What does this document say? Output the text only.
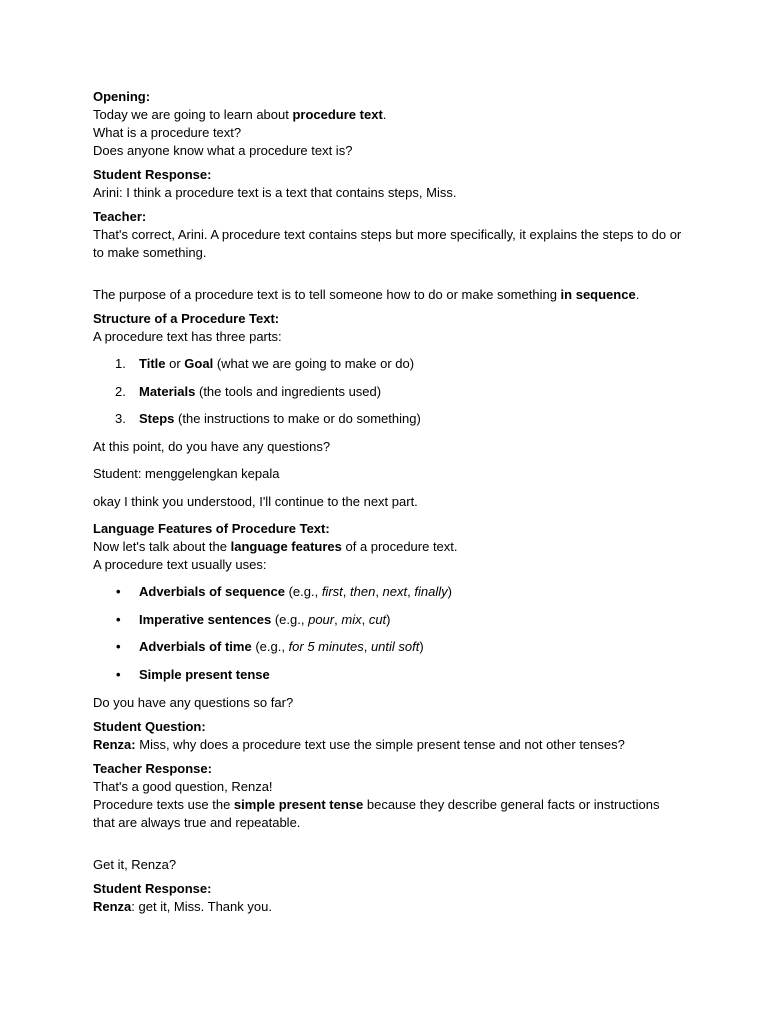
Opening:
Today we are going to learn about procedure text.
What is a procedure text?
Does anyone know what a procedure text is?
Student Response:
Arini: I think a procedure text is a text that contains steps, Miss.
Teacher:
That's correct, Arini. A procedure text contains steps but more specifically, it explains the steps to do or to make something.
The purpose of a procedure text is to tell someone how to do or make something in sequence.
Structure of a Procedure Text:
A procedure text has three parts:
1. Title or Goal (what we are going to make or do)
2. Materials (the tools and ingredients used)
3. Steps (the instructions to make or do something)
At this point, do you have any questions?
Student: menggelengkan kepala
okay I think you understood, I'll continue to the next part.
Language Features of Procedure Text:
Now let's talk about the language features of a procedure text.
A procedure text usually uses:
• Adverbials of sequence (e.g., first, then, next, finally)
• Imperative sentences (e.g., pour, mix, cut)
• Adverbials of time (e.g., for 5 minutes, until soft)
• Simple present tense
Do you have any questions so far?
Student Question:
Renza: Miss, why does a procedure text use the simple present tense and not other tenses?
Teacher Response:
That's a good question, Renza!
Procedure texts use the simple present tense because they describe general facts or instructions that are always true and repeatable.
Get it, Renza?
Student Response:
Renza: get it, Miss. Thank you.
